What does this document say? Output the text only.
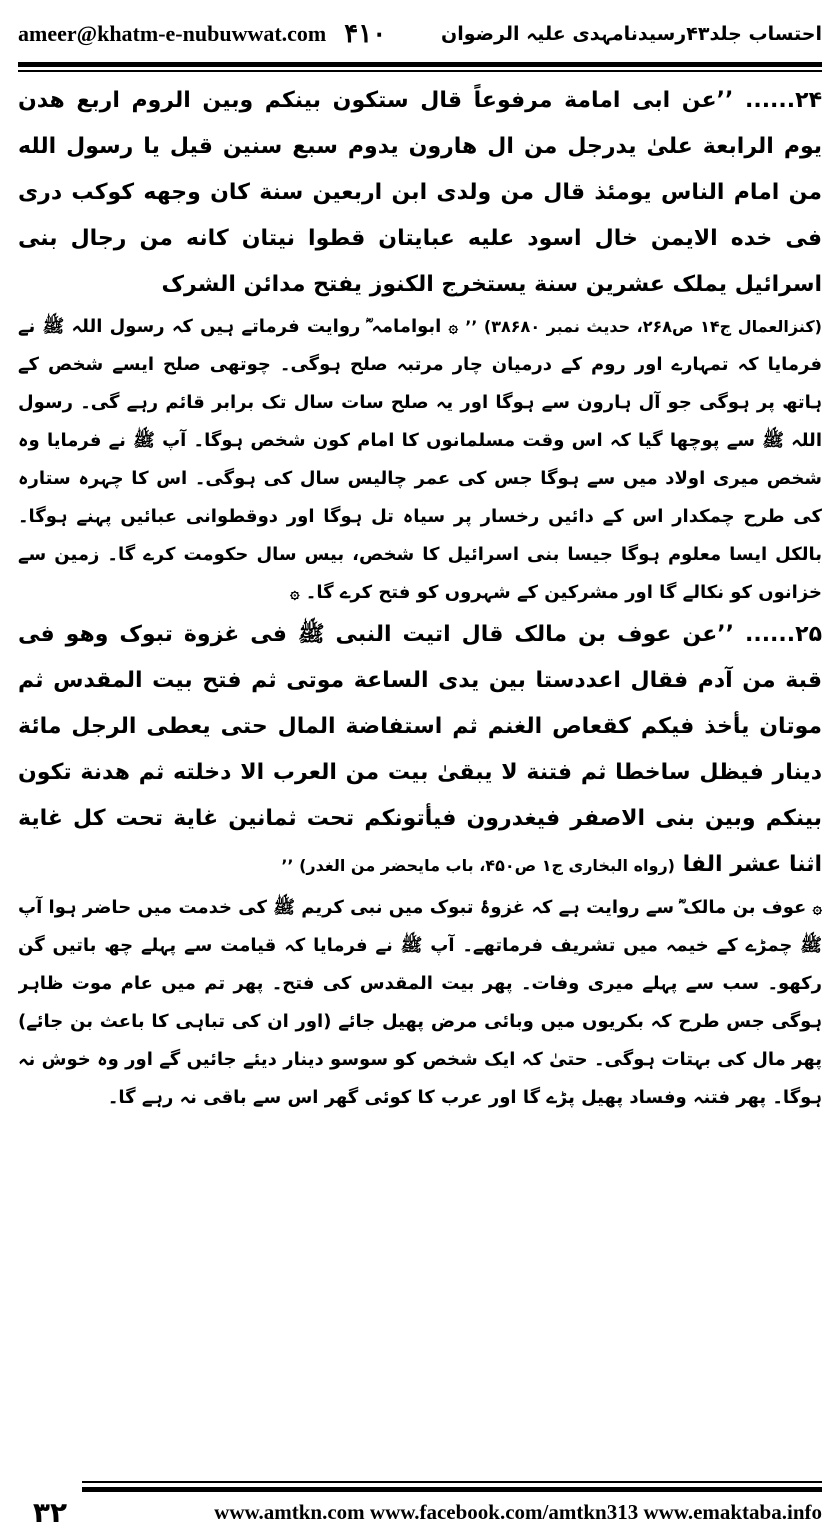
ameer@khatm-e-nubuwwat.com ۴۱۰	احتساب جلد۴۳رسیدنامہدی علیہ الرضوان

۲۴...... ’’عن ابی امامة مرفوعاً قال ستکون بینکم وبین الروم اربع هدن یوم الرابعة علیٰ یدرجل من ال هارون یدوم سبع سنین قیل یا رسول الله من امام الناس یومئذ قال من ولدی ابن اربعین سنة کان وجهه کوکب دری فی خده الایمن خال اسود علیه عبایتان قطوا نیتان کانه من رجال بنی اسرائیل یملک عشرین سنة یستخرج الکنوز یفتح مدائن الشرک

(کنزالعمال ج۱۴ ص۲۶۸، حدیث نمبر ۳۸۶۸۰) ’’ ۞ ابوامامہ ؓ روایت فرماتے ہیں کہ رسول اللہ ﷺ نے فرمایا کہ تمہارے اور روم کے درمیان چار مرتبہ صلح ہوگی۔ چوتھی صلح ایسے شخص کے ہاتھ پر ہوگی جو آل ہارون سے ہوگا اور یہ صلح سات سال تک برابر قائم رہے گی۔ رسول اللہ ﷺ سے پوچھا گیا کہ اس وقت مسلمانوں کا امام کون شخص ہوگا۔ آپ ﷺ نے فرمایا وہ شخص میری اولاد میں سے ہوگا جس کی عمر چالیس سال کی ہوگی۔ اس کا چہرہ ستارہ کی طرح چمکدار اس کے دائیں رخسار پر سیاہ تل ہوگا اور دوقطوانی عبائیں پہنے ہوگا۔ بالکل ایسا معلوم ہوگا جیسا بنی اسرائیل کا شخص، بیس سال حکومت کرے گا۔ زمین سے خزانوں کو نکالے گا اور مشرکین کے شہروں کو فتح کرے گا۔ ۞

۲۵...... ’’عن عوف بن مالک قال اتیت النبی ﷺ فی غزوة تبوک وهو فی قبة من آدم فقال اعددستا بین یدی الساعة موتی ثم فتح بیت المقدس ثم موتان یأخذ فیکم کقعاص الغنم ثم استفاضة المال حتی یعطی الرجل مائة دینار فیظل ساخطا ثم فتنة لا یبقیٰ بیت من العرب الا دخلته ثم هدنة تکون بینکم وبین بنی الاصفر فیغدرون فیأتونکم تحت ثمانین غایة تحت کل غایة اثنا عشر الفا (رواه البخاری ج۱ ص۴۵۰، باب مایحضر من الغدر) ’’

۞ عوف بن مالک ؓ سے روایت ہے کہ غزوۂ تبوک میں نبی کریم ﷺ کی خدمت میں حاضر ہوا آپ ﷺ چمڑے کے خیمہ میں تشریف فرماتھے۔ آپ ﷺ نے فرمایا کہ قیامت سے پہلے چھ باتیں گن رکھو۔ سب سے پہلے میری وفات۔ پھر بیت المقدس کی فتح۔ پھر تم میں عام موت ظاہر ہوگی جس طرح کہ بکریوں میں وبائی مرض پھیل جائے (اور ان کی تباہی کا باعث بن جائے) پھر مال کی بہتات ہوگی۔ حتیٰ کہ ایک شخص کو سوسو دینار دیئے جائیں گے اور وہ خوش نہ ہوگا۔ پھر فتنہ وفساد پھیل پڑے گا اور عرب کا کوئی گھر اس سے باقی نہ رہے گا۔

۳۲	www.amtkn.com www.facebook.com/amtkn313 www.emaktaba.info
